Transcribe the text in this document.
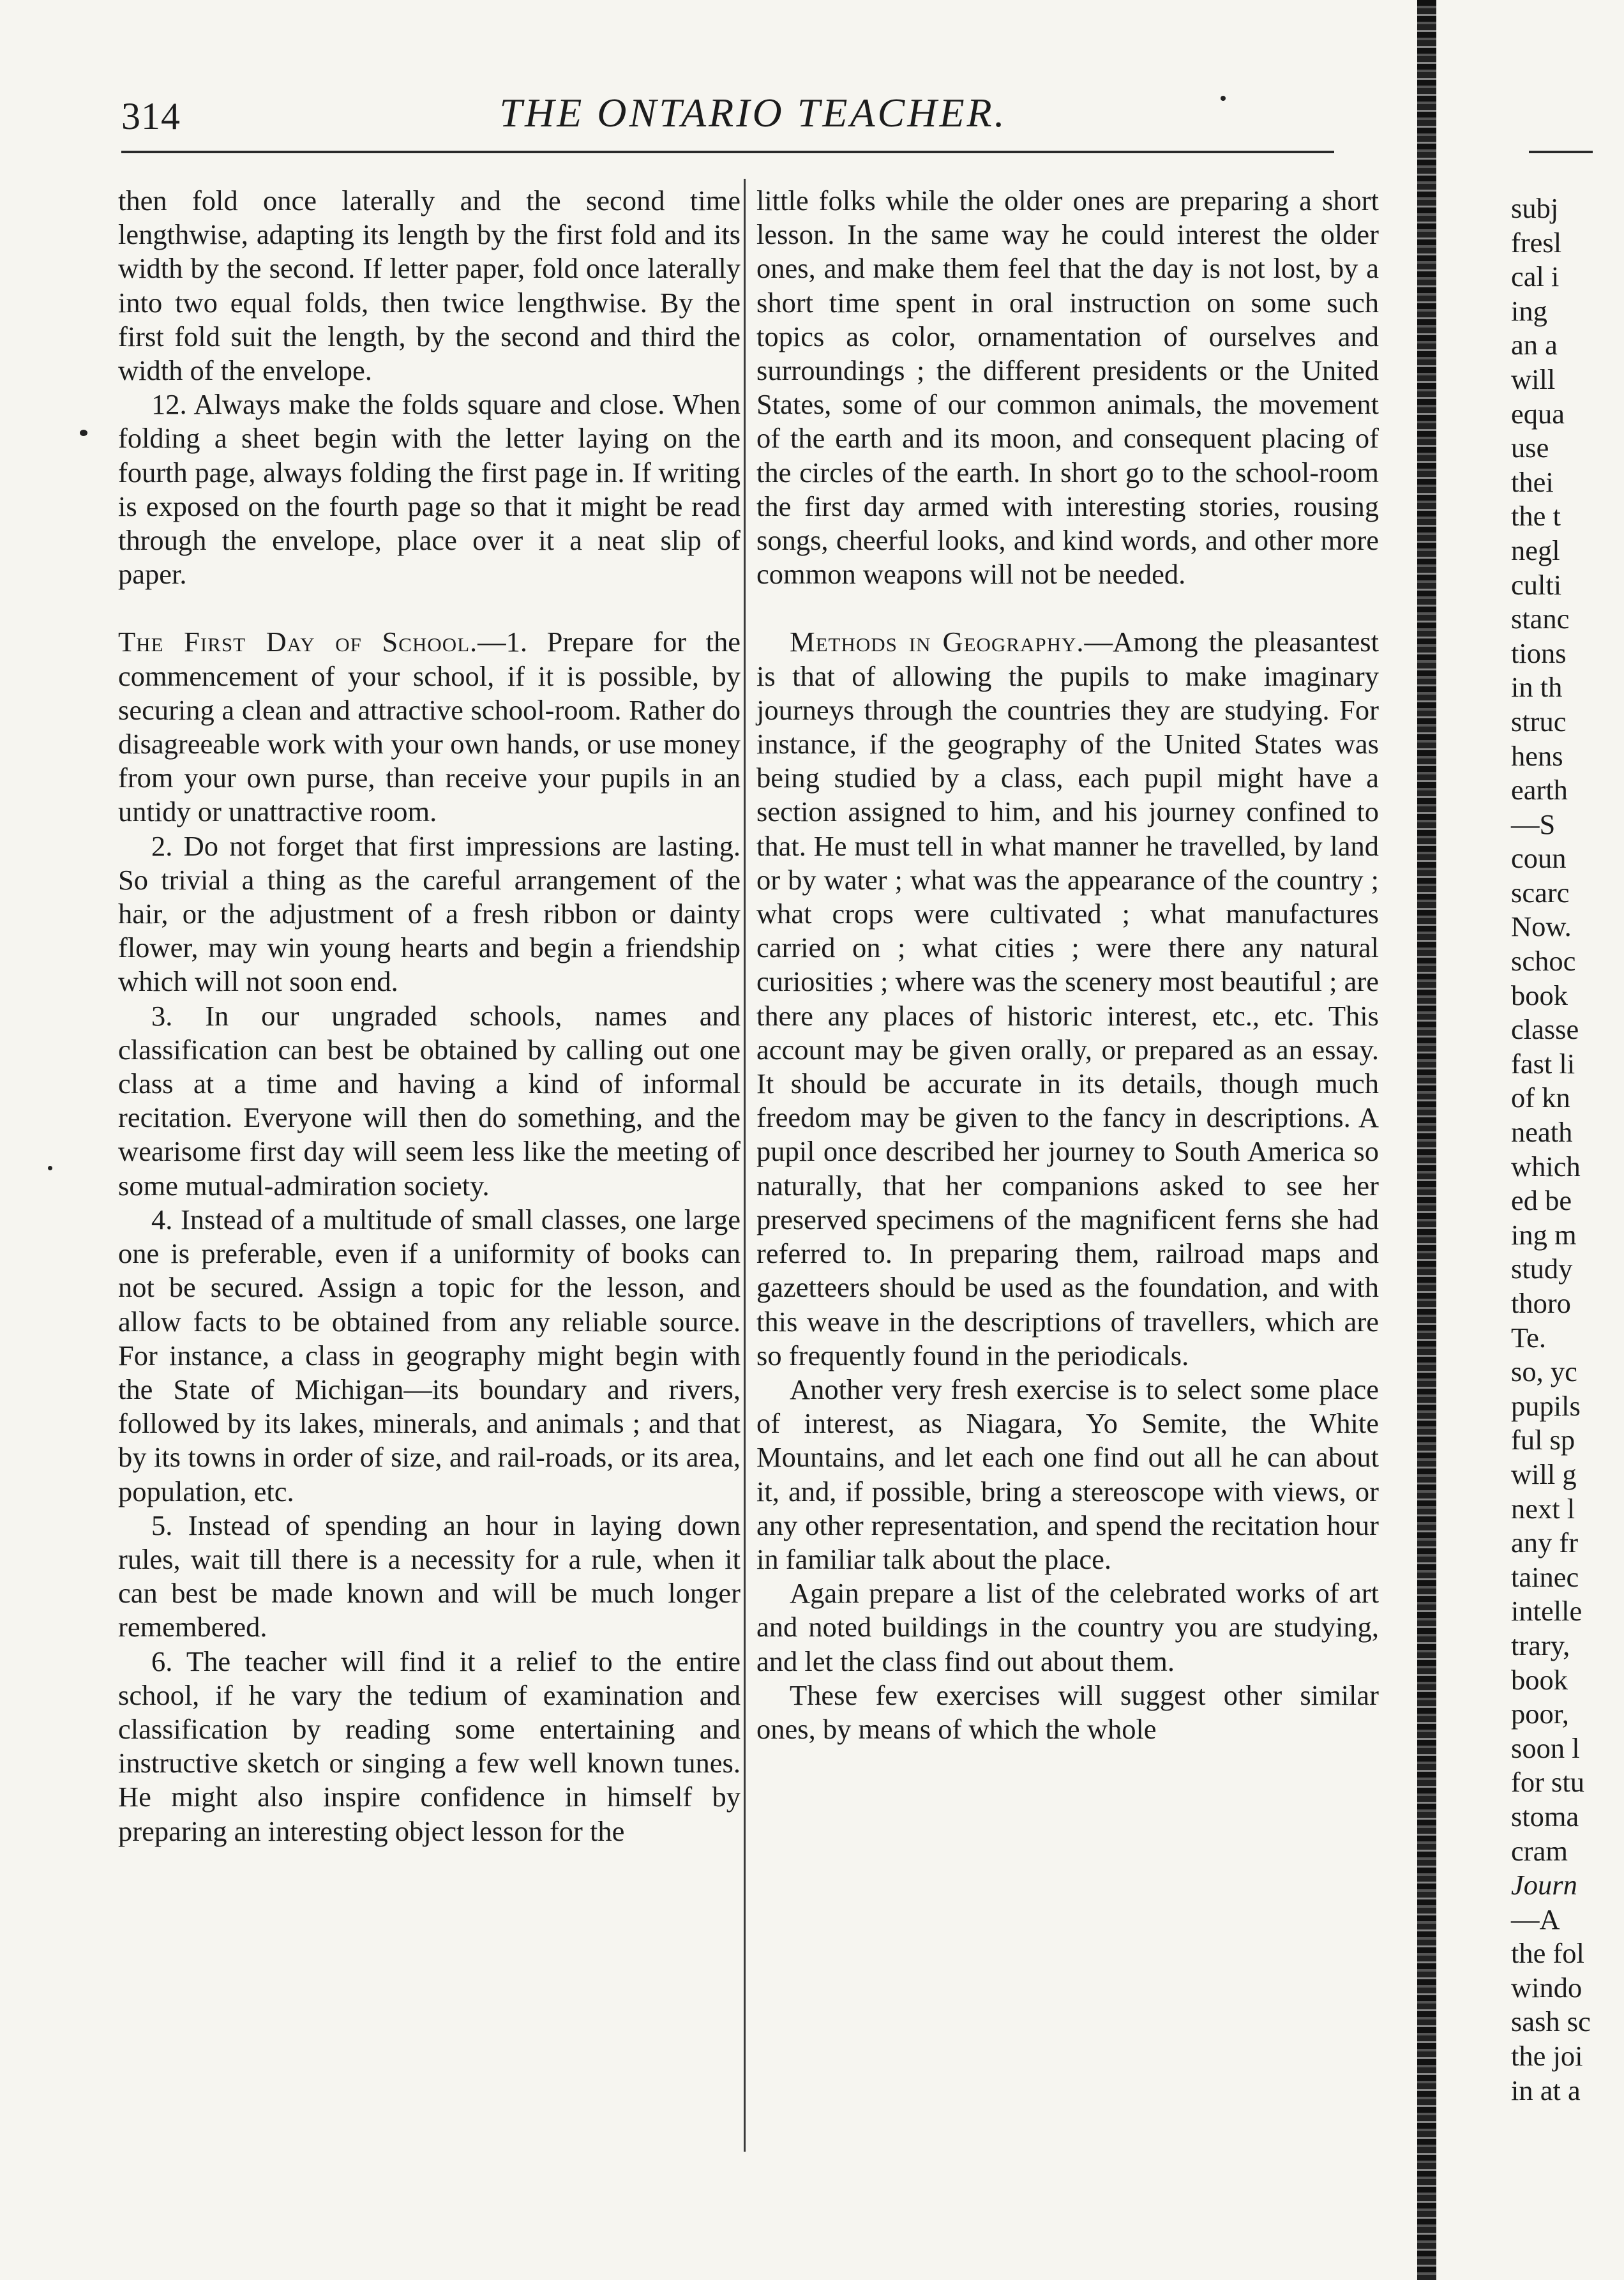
314	THE ONTARIO TEACHER.

then fold once laterally and the second time lengthwise, adapting its length by the first fold and its width by the second. If letter paper, fold once laterally into two equal folds, then twice lengthwise. By the first fold suit the length, by the second and third the width of the envelope.

12. Always make the folds square and close. When folding a sheet begin with the letter laying on the fourth page, always folding the first page in. If writing is exposed on the fourth page so that it might be read through the envelope, place over it a neat slip of paper.

The First Day of School.—1. Prepare for the commencement of your school, if it is possible, by securing a clean and attractive school-room. Rather do disagreeable work with your own hands, or use money from your own purse, than receive your pupils in an untidy or unattractive room.

2. Do not forget that first impressions are lasting. So trivial a thing as the careful arrangement of the hair, or the adjustment of a fresh ribbon or dainty flower, may win young hearts and begin a friendship which will not soon end.

3. In our ungraded schools, names and classification can best be obtained by calling out one class at a time and having a kind of informal recitation. Everyone will then do something, and the wearisome first day will seem less like the meeting of some mutual-admiration society.

4. Instead of a multitude of small classes, one large one is preferable, even if a uniformity of books can not be secured. Assign a topic for the lesson, and allow facts to be obtained from any reliable source. For instance, a class in geography might begin with the State of Michigan—its boundary and rivers, followed by its lakes, minerals, and animals ; and that by its towns in order of size, and rail-roads, or its area, population, etc.

5. Instead of spending an hour in laying down rules, wait till there is a necessity for a rule, when it can best be made known and will be much longer remembered.

6. The teacher will find it a relief to the entire school, if he vary the tedium of examination and classification by reading some entertaining and instructive sketch or singing a few well known tunes. He might also inspire confidence in himself by preparing an interesting object lesson for the

little folks while the older ones are preparing a short lesson. In the same way he could interest the older ones, and make them feel that the day is not lost, by a short time spent in oral instruction on some such topics as color, ornamentation of ourselves and surroundings ; the different presidents or the United States, some of our common animals, the movement of the earth and its moon, and consequent placing of the circles of the earth. In short go to the school-room the first day armed with interesting stories, rousing songs, cheerful looks, and kind words, and other more common weapons will not be needed.

Methods in Geography.—Among the pleasantest is that of allowing the pupils to make imaginary journeys through the countries they are studying. For instance, if the geography of the United States was being studied by a class, each pupil might have a section assigned to him, and his journey confined to that. He must tell in what manner he travelled, by land or by water ; what was the appearance of the country ; what crops were cultivated ; what manufactures carried on ; what cities ; were there any natural curiosities ; where was the scenery most beautiful ; are there any places of historic interest, etc., etc. This account may be given orally, or prepared as an essay. It should be accurate in its details, though much freedom may be given to the fancy in descriptions. A pupil once described her journey to South America so naturally, that her companions asked to see her preserved specimens of the magnificent ferns she had referred to. In preparing them, railroad maps and gazetteers should be used as the foundation, and with this weave in the descriptions of travellers, which are so frequently found in the periodicals.

Another very fresh exercise is to select some place of interest, as Niagara, Yo Semite, the White Mountains, and let each one find out all he can about it, and, if possible, bring a stereoscope with views, or any other representation, and spend the recitation hour in familiar talk about the place.

Again prepare a list of the celebrated works of art and noted buildings in the country you are studying, and let the class find out about them.

These few exercises will suggest other similar ones, by means of which the whole

subj
fresl
cal i
ing
an a
will
equa
use
thei
the t
negl
culti
stanc
tions
in th
struc
hens
earth
—S
coun
scarc
Now.
schoc
book
classe
fast li
of kn
neath
which
ed be
ing m
study
thoro
Te.
so, yc
pupils
ful sp
will g
next l
any fr
tainec
intelle
trary,
book
poor,
soon l
for stu
stoma
cram
Journ
—A
the fol
windo
sash sc
the joi
in at a
